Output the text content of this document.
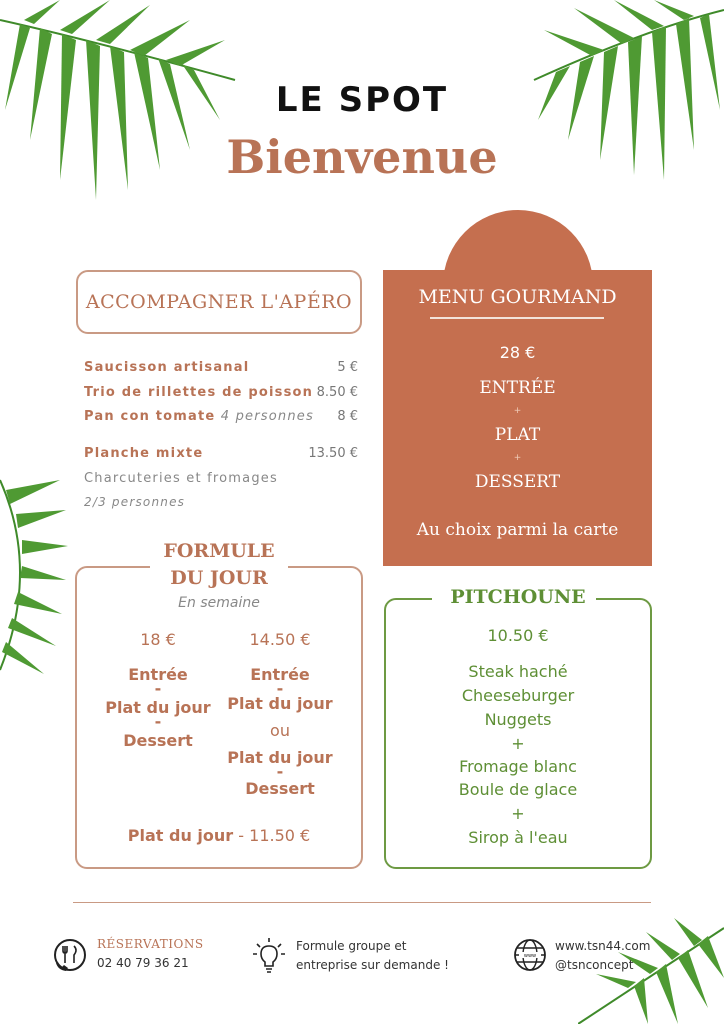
LE SPOT
Bienvenue
ACCOMPAGNER L'APÉRO
Saucisson artisanal	5 €
Trio de rillettes de poisson 8.50 €
Pan con tomate 4 personnes 8 €
Planche mixte	13.50 €
Charcuteries et fromages
2/3 personnes
MENU GOURMAND
28 €
ENTRÉE
+
PLAT
+
DESSERT
Au choix parmi la carte
FORMULE
DU JOUR
En semaine
18 €
Entrée
-
Plat du jour
-
Dessert
14.50 €
Entrée
-
Plat du jour
ou
Plat du jour
-
Dessert
Plat du jour - 11.50 €
PITCHOUNE
10.50 €
Steak haché
Cheeseburger
Nuggets
+
Fromage blanc
Boule de glace
+
Sirop à l'eau
RÉSERVATIONS
02 40 79 36 21
Formule groupe et
entreprise sur demande !
www
www.tsn44.com
@tsnconcept
